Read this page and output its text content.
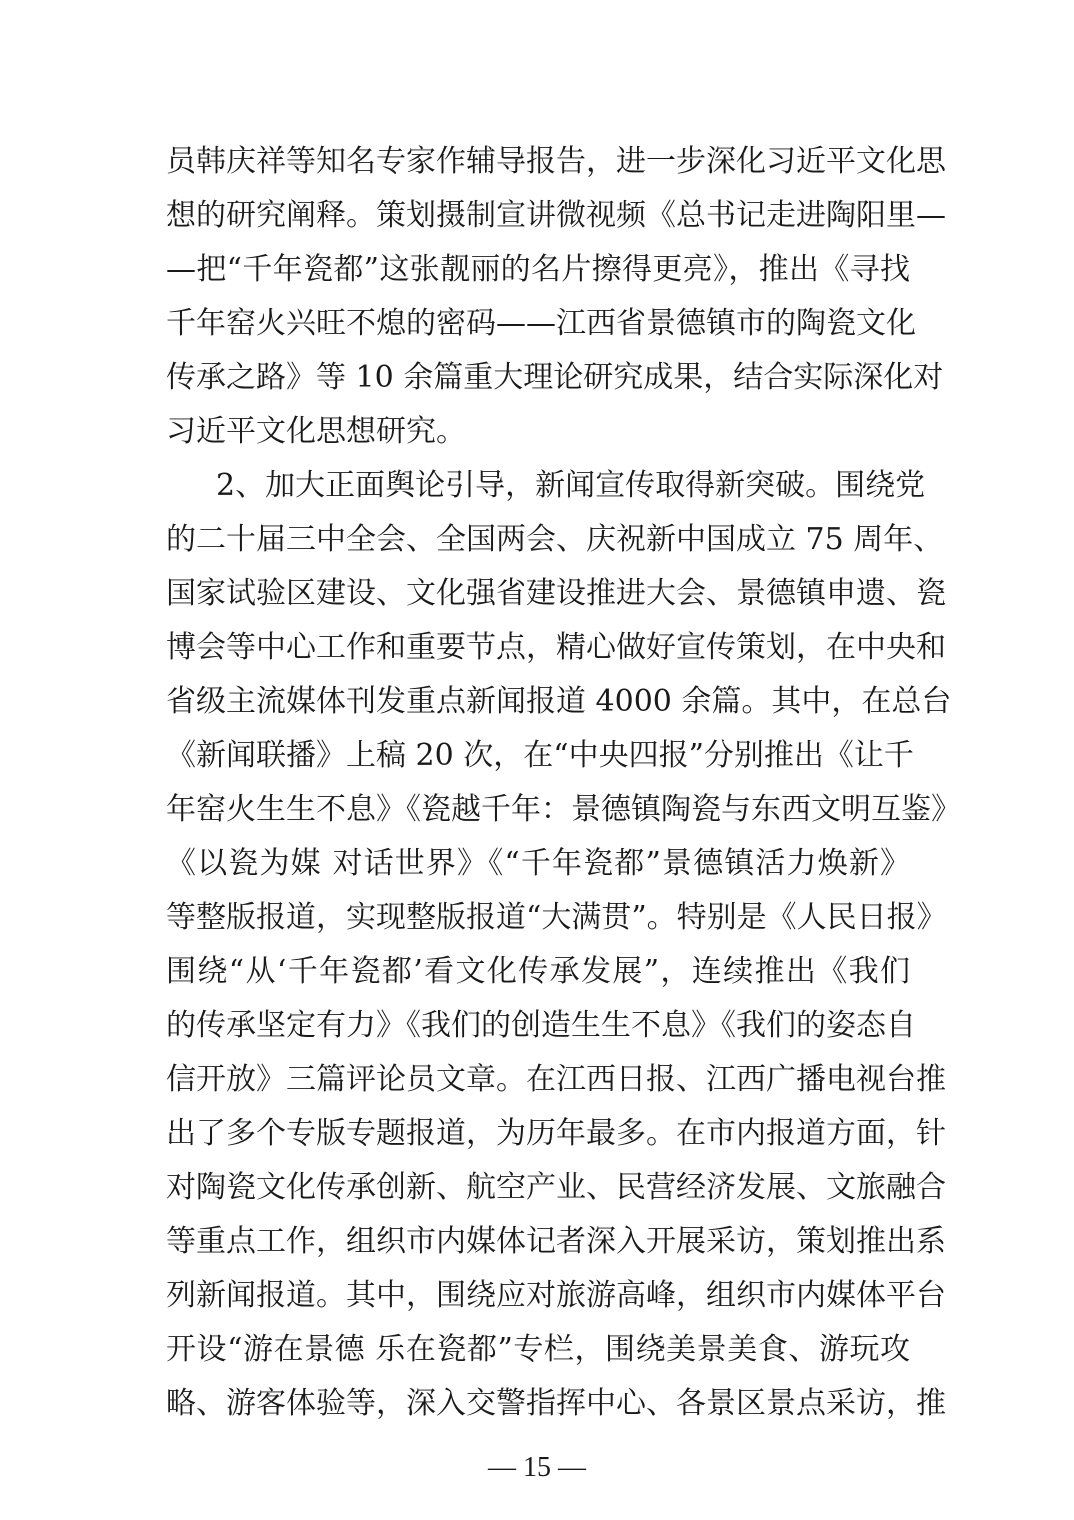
员韩庆祥等知名专家作辅导报告，进一步深化习近平文化思
想的研究阐释。策划摄制宣讲微视频《总书记走进陶阳里—
—把“千年瓷都”这张靓丽的名片擦得更亮》，推出《寻找
千年窑火兴旺不熄的密码——江西省景德镇市的陶瓷文化
传承之路》等 10 余篇重大理论研究成果，结合实际深化对
习近平文化思想研究。
2、加大正面舆论引导，新闻宣传取得新突破。围绕党
的二十届三中全会、全国两会、庆祝新中国成立 75 周年、
国家试验区建设、文化强省建设推进大会、景德镇申遗、瓷
博会等中心工作和重要节点，精心做好宣传策划，在中央和
省级主流媒体刊发重点新闻报道 4000 余篇。其中，在总台
《新闻联播》上稿 20 次，在“中央四报”分别推出《让千
年窑火生生不息》《瓷越千年：景德镇陶瓷与东西文明互鉴》
《以瓷为媒 对话世界》《“千年瓷都”景德镇活力焕新》
等整版报道，实现整版报道“大满贯”。特别是《人民日报》
围绕“从‘千年瓷都’看文化传承发展”，连续推出《我们
的传承坚定有力》《我们的创造生生不息》《我们的姿态自
信开放》三篇评论员文章。在江西日报、江西广播电视台推
出了多个专版专题报道，为历年最多。在市内报道方面，针
对陶瓷文化传承创新、航空产业、民营经济发展、文旅融合
等重点工作，组织市内媒体记者深入开展采访，策划推出系
列新闻报道。其中，围绕应对旅游高峰，组织市内媒体平台
开设“游在景德 乐在瓷都”专栏，围绕美景美食、游玩攻
略、游客体验等，深入交警指挥中心、各景区景点采访，推
— 15 —
